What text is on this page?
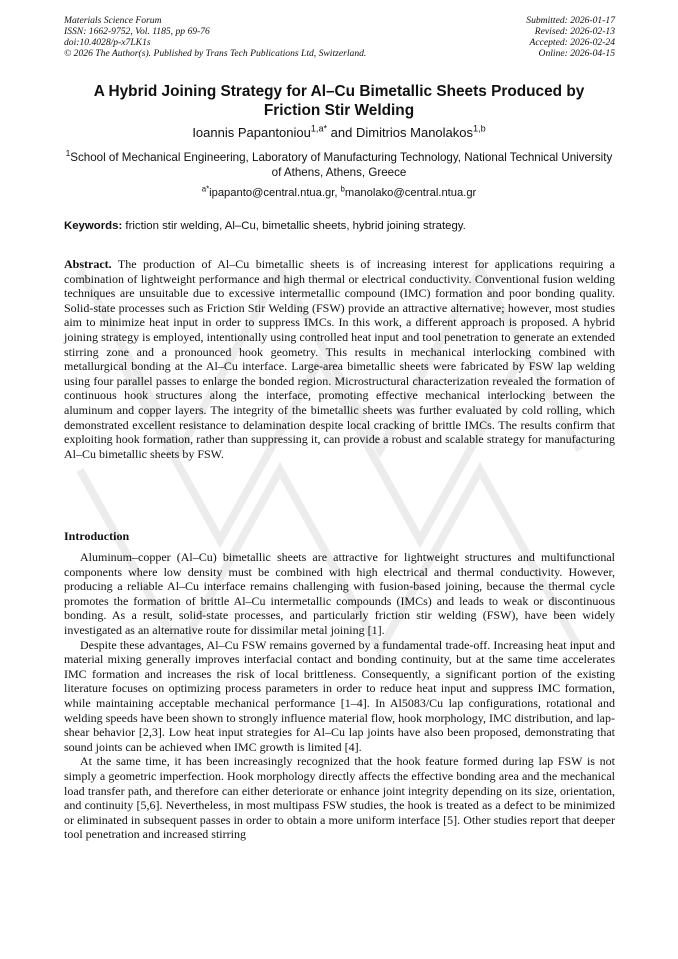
Materials Science Forum
ISSN: 1662-9752, Vol. 1185, pp 69-76
doi:10.4028/p-x7LK1s
© 2026 The Author(s). Published by Trans Tech Publications Ltd, Switzerland.
Submitted: 2026-01-17
Revised: 2026-02-13
Accepted: 2026-02-24
Online: 2026-04-15
A Hybrid Joining Strategy for Al–Cu Bimetallic Sheets Produced by Friction Stir Welding
Ioannis Papantoniou$^{1,a*}$ and Dimitrios Manolakos$^{1,b}$
$^1$School of Mechanical Engineering, Laboratory of Manufacturing Technology, National Technical University of Athens, Athens, Greece
$^{a*}$ipapanto@central.ntua.gr, $^b$manolako@central.ntua.gr
Keywords: friction stir welding, Al–Cu, bimetallic sheets, hybrid joining strategy.
Abstract. The production of Al–Cu bimetallic sheets is of increasing interest for applications requiring a combination of lightweight performance and high thermal or electrical conductivity. Conventional fusion welding techniques are unsuitable due to excessive intermetallic compound (IMC) formation and poor bonding quality. Solid-state processes such as Friction Stir Welding (FSW) provide an attractive alternative; however, most studies aim to minimize heat input in order to suppress IMCs. In this work, a different approach is proposed. A hybrid joining strategy is employed, intentionally using controlled heat input and tool penetration to generate an extended stirring zone and a pronounced hook geometry. This results in mechanical interlocking combined with metallurgical bonding at the Al–Cu interface. Large-area bimetallic sheets were fabricated by FSW lap welding using four parallel passes to enlarge the bonded region. Microstructural characterization revealed the formation of continuous hook structures along the interface, promoting effective mechanical interlocking between the aluminum and copper layers. The integrity of the bimetallic sheets was further evaluated by cold rolling, which demonstrated excellent resistance to delamination despite local cracking of brittle IMCs. The results confirm that exploiting hook formation, rather than suppressing it, can provide a robust and scalable strategy for manufacturing Al–Cu bimetallic sheets by FSW.
Introduction

Aluminum–copper (Al–Cu) bimetallic sheets are attractive for lightweight structures and multifunctional components where low density must be combined with high electrical and thermal conductivity. However, producing a reliable Al–Cu interface remains challenging with fusion-based joining, because the thermal cycle promotes the formation of brittle Al–Cu intermetallic compounds (IMCs) and leads to weak or discontinuous bonding. As a result, solid-state processes, and particularly friction stir welding (FSW), have been widely investigated as an alternative route for dissimilar metal joining [1].

Despite these advantages, Al–Cu FSW remains governed by a fundamental trade-off. Increasing heat input and material mixing generally improves interfacial contact and bonding continuity, but at the same time accelerates IMC formation and increases the risk of local brittleness. Consequently, a significant portion of the existing literature focuses on optimizing process parameters in order to reduce heat input and suppress IMC formation, while maintaining acceptable mechanical performance [1–4]. In Al5083/Cu lap configurations, rotational and welding speeds have been shown to strongly influence material flow, hook morphology, IMC distribution, and lap-shear behavior [2,3]. Low heat input strategies for Al–Cu lap joints have also been proposed, demonstrating that sound joints can be achieved when IMC growth is limited [4].

At the same time, it has been increasingly recognized that the hook feature formed during lap FSW is not simply a geometric imperfection. Hook morphology directly affects the effective bonding area and the mechanical load transfer path, and therefore can either deteriorate or enhance joint integrity depending on its size, orientation, and continuity [5,6]. Nevertheless, in most multipass FSW studies, the hook is treated as a defect to be minimized or eliminated in subsequent passes in order to obtain a more uniform interface [5]. Other studies report that deeper tool penetration and increased stirring
